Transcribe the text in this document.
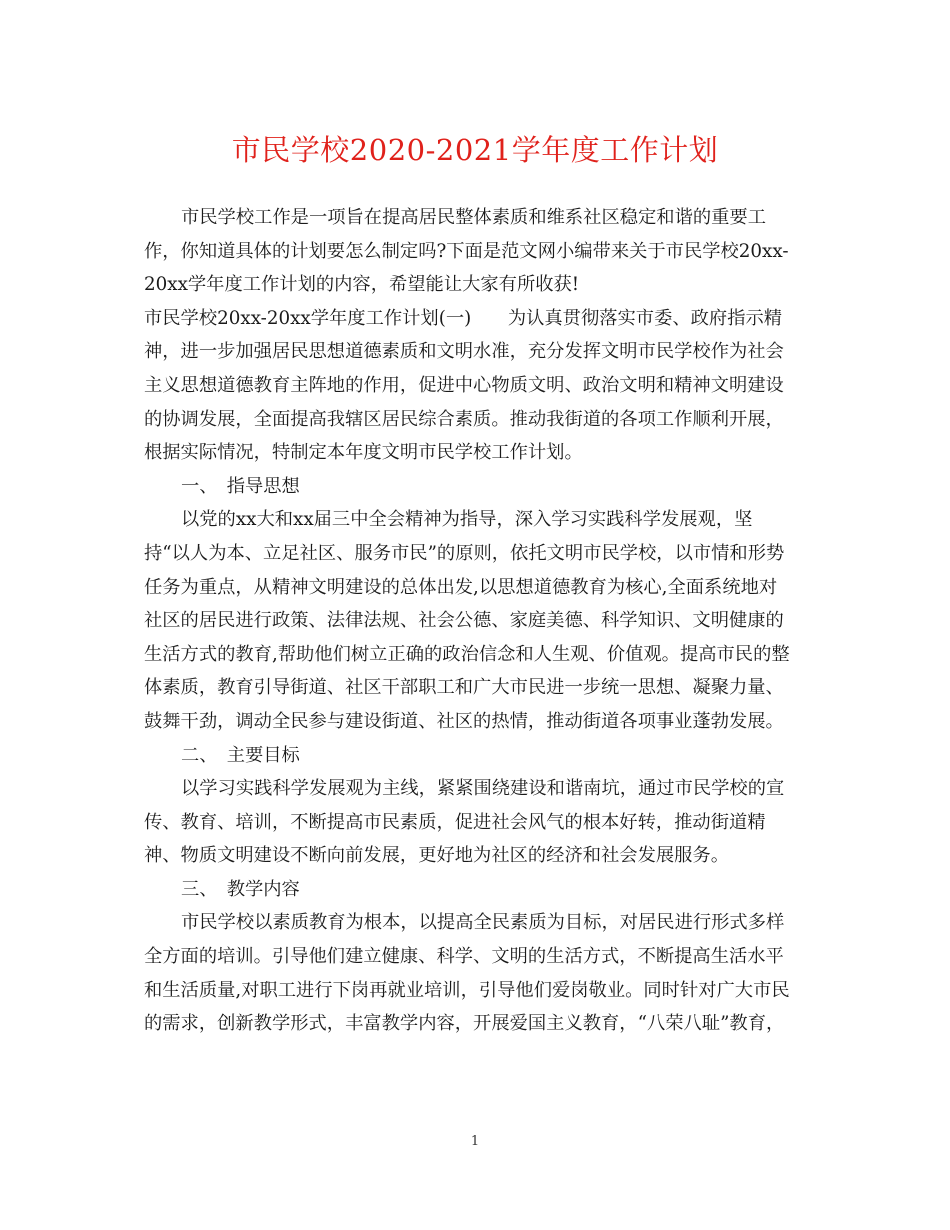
市民学校2020-2021学年度工作计划
市民学校工作是一项旨在提高居民整体素质和维系社区稳定和谐的重要工
作，你知道具体的计划要怎么制定吗?下面是范文网小编带来关于市民学校20xx-
20xx学年度工作计划的内容，希望能让大家有所收获!
市民学校20xx-20xx学年度工作计划(一)　　为认真贯彻落实市委、政府指示精
神，进一步加强居民思想道德素质和文明水准，充分发挥文明市民学校作为社会
主义思想道德教育主阵地的作用，促进中心物质文明、政治文明和精神文明建设
的协调发展，全面提高我辖区居民综合素质。推动我街道的各项工作顺利开展，
根据实际情况，特制定本年度文明市民学校工作计划。
一、　指导思想
以党的xx大和xx届三中全会精神为指导，深入学习实践科学发展观，坚
持“以人为本、立足社区、服务市民”的原则，依托文明市民学校，以市情和形势
任务为重点，从精神文明建设的总体出发,以思想道德教育为核心,全面系统地对
社区的居民进行政策、法律法规、社会公德、家庭美德、科学知识、文明健康的
生活方式的教育,帮助他们树立正确的政治信念和人生观、价值观。提高市民的整
体素质，教育引导街道、社区干部职工和广大市民进一步统一思想、凝聚力量、
鼓舞干劲，调动全民参与建设街道、社区的热情，推动街道各项事业蓬勃发展。
二、　主要目标
以学习实践科学发展观为主线，紧紧围绕建设和谐南坑，通过市民学校的宣
传、教育、培训，不断提高市民素质，促进社会风气的根本好转，推动街道精
神、物质文明建设不断向前发展，更好地为社区的经济和社会发展服务。
三、　教学内容
市民学校以素质教育为根本，以提高全民素质为目标，对居民进行形式多样
全方面的培训。引导他们建立健康、科学、文明的生活方式，不断提高生活水平
和生活质量,对职工进行下岗再就业培训，引导他们爱岗敬业。同时针对广大市民
的需求，创新教学形式，丰富教学内容，开展爱国主义教育，“八荣八耻”教育，
1
